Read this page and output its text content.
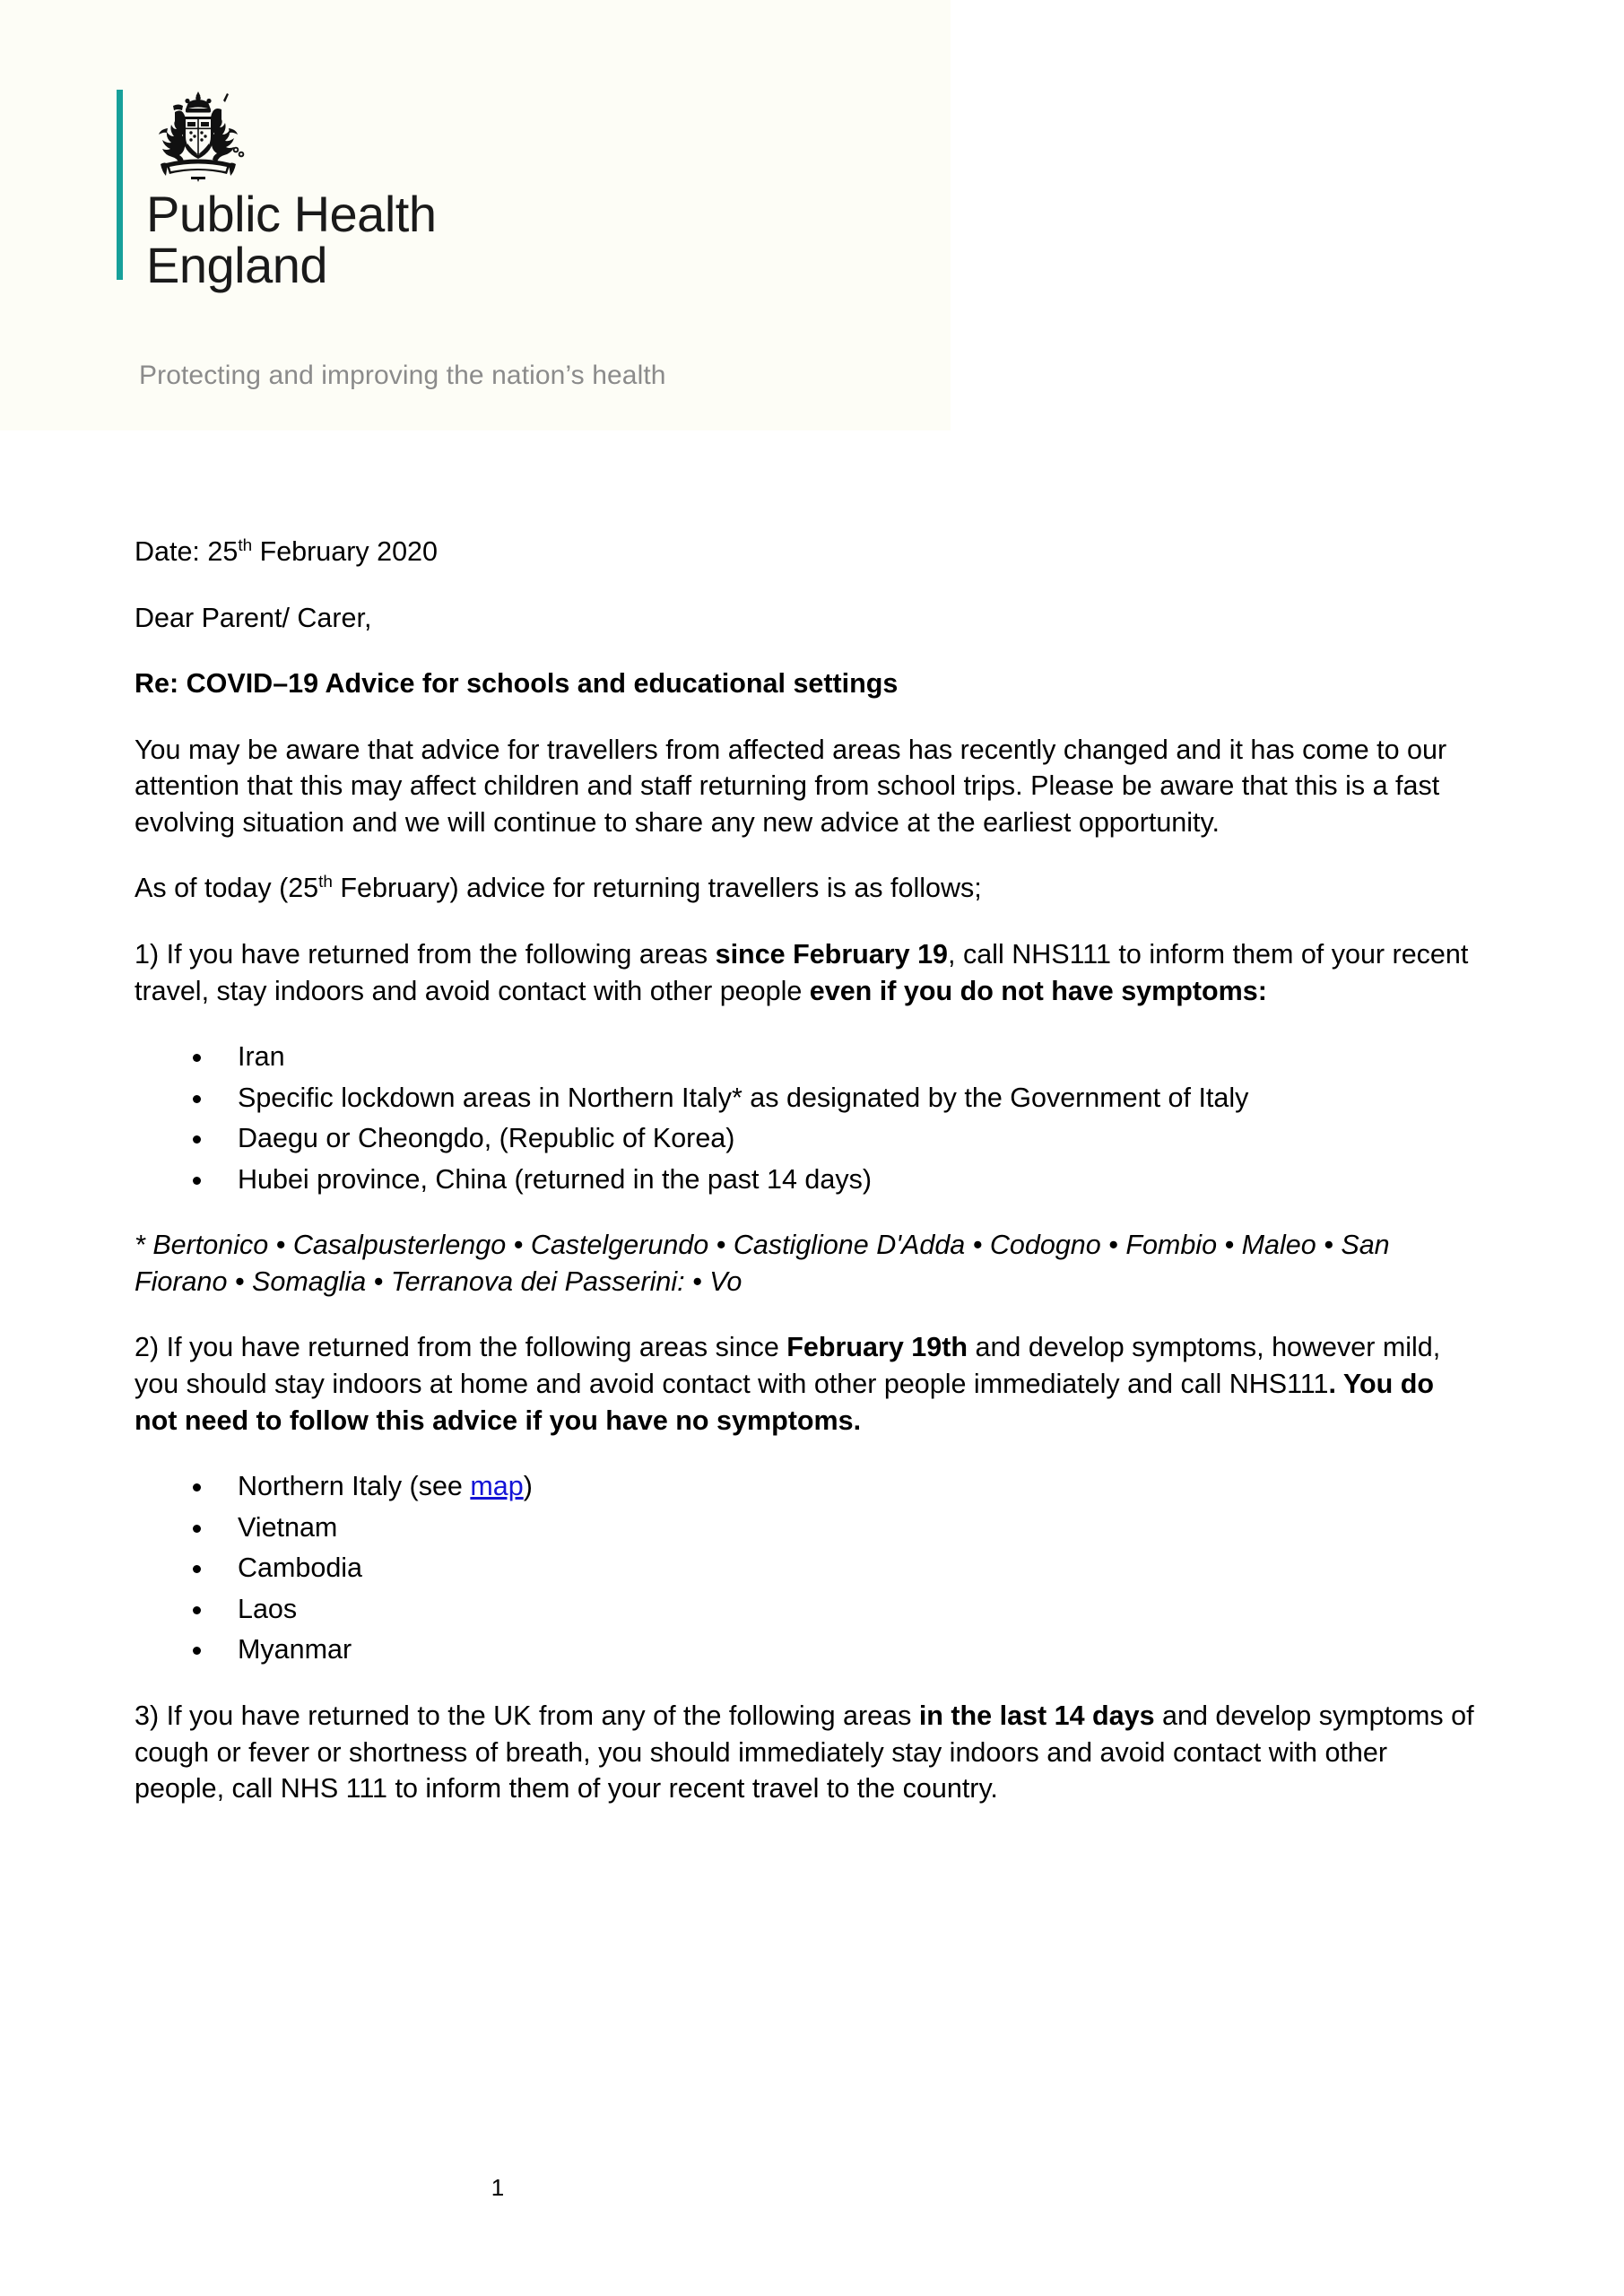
Public Health
England
Protecting and improving the nation’s health

Date: 25th February 2020

Dear Parent/ Carer,

Re: COVID–19 Advice for schools and educational settings

You may be aware that advice for travellers from affected areas has recently changed and it has come to our attention that this may affect children and staff returning from school trips. Please be aware that this is a fast evolving situation and we will continue to share any new advice at the earliest opportunity.

As of today (25th February) advice for returning travellers is as follows;

1) If you have returned from the following areas since February 19, call NHS111 to inform them of your recent travel, stay indoors and avoid contact with other people even if you do not have symptoms:

Iran
Specific lockdown areas in Northern Italy* as designated by the Government of Italy
Daegu or Cheongdo, (Republic of Korea)
Hubei province, China (returned in the past 14 days)

* Bertonico • Casalpusterlengo • Castelgerundo • Castiglione D'Adda • Codogno • Fombio • Maleo • San Fiorano • Somaglia • Terranova dei Passerini: • Vo

2) If you have returned from the following areas since February 19th and develop symptoms, however mild, you should stay indoors at home and avoid contact with other people immediately and call NHS111. You do not need to follow this advice if you have no symptoms.

Northern Italy (see map)
Vietnam
Cambodia
Laos
Myanmar

3) If you have returned to the UK from any of the following areas in the last 14 days and develop symptoms of cough or fever or shortness of breath, you should immediately stay indoors and avoid contact with other people, call NHS 111 to inform them of your recent travel to the country.

1
